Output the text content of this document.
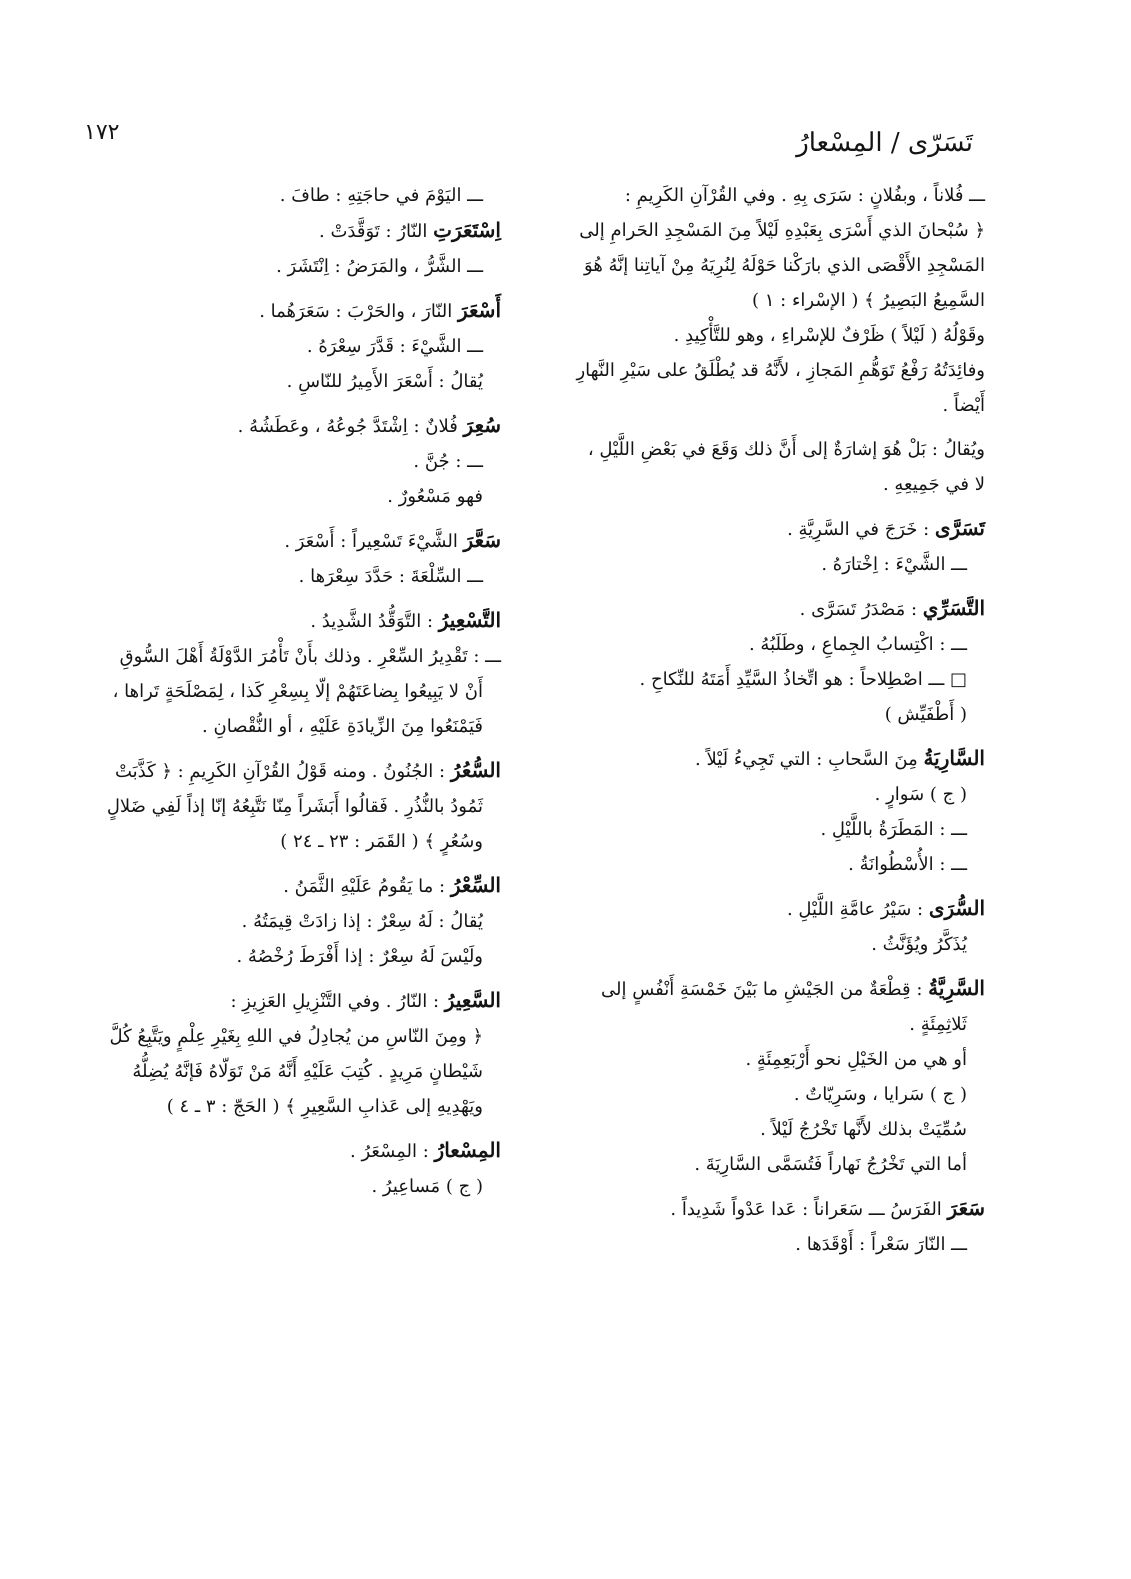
١٧٢	تَسَرّى / المِسْعارُ
ـــ فُلاناً ، وبفُلانٍ : سَرَى بِهِ . وفي القُرْآنِ الكَرِيمِ :
﴿ سُبْحانَ الذي أَسْرَى بِعَبْدِهِ لَيْلاً مِنَ المَسْجِدِ الحَرامِ إلى
المَسْجِدِ الأَقْصَى الذي بارَكْنا حَوْلَهُ لِنُرِيَهُ مِنْ آياتِنا إنَّهُ هُوَ
السَّمِيعُ البَصِيرُ ﴾ ( الإسْراء : ١ )
وقَوْلُهُ ( لَيْلاً ) ظَرْفٌ للإسْراءِ ، وهو للتَّأْكِيدِ .
وفائِدَتُهُ رَفْعُ تَوَهُّمِ المَجازِ ، لأَنَّهُ قد يُطْلَقُ على سَيْرِ النَّهارِ
أَيْضاً .
ويُقالُ : بَلْ هُوَ إشارَةٌ إلى أَنَّ ذلك وَقَعَ في بَعْضِ اللَّيْلِ ،
لا في جَمِيعِهِ .
تَسَرَّى : خَرَجَ في السَّرِيَّةِ .
ـــ الشَّيْءَ : اِخْتارَهُ .
التَّسَرِّي : مَصْدَرُ تَسَرَّى .
ـــ : اكْتِسابُ الجِماعِ ، وطَلَبُهُ .
□ ـــ اصْطِلاحاً : هو اتِّخاذُ السَّيِّدِ أَمَتَهُ للنِّكاحِ .
( أَطْفَيِّش )
السَّارِيَةُ مِنَ السَّحابِ : التي تَجِيءُ لَيْلاً .
( ج ) سَوارٍ .
ـــ : المَطَرَةُ باللَّيْلِ .
ـــ : الأُسْطُوانَةُ .
السُّرَى : سَيْرُ عامَّةِ اللَّيْلِ .
يُذَكَّرُ ويُؤَنَّثُ .
السَّرِيَّةُ : قِطْعَةٌ من الجَيْشِ ما بَيْنَ خَمْسَةِ أَنْفُسٍ إلى
ثَلاثِمِئَةٍ .
أو هي من الخَيْلِ نحو أَرْبَعِمِئَةٍ .
( ج ) سَرايا ، وسَرِيّاتٌ .
سُمِّيَتْ بذلك لأَنَّها تَخْرُجُ لَيْلاً .
أما التي تَخْرُجُ نَهاراً فَتُسَمَّى السَّارِيَةَ .
سَعَرَ الفَرَسُ ـــ سَعَراناً : عَدا عَدْواً شَدِيداً .
ـــ النّارَ سَعْراً : أَوْقَدَها .
ـــ اليَوْمَ في حاجَتِهِ : طافَ .
اِسْتَعَرَتِ النّارُ : تَوَقَّدَتْ .
ـــ الشَّرُّ ، والمَرَضُ : اِنْتَشَرَ .
أَسْعَرَ النّارَ ، والحَرْبَ : سَعَرَهُما .
ـــ الشَّيْءَ : قَدَّرَ سِعْرَهُ .
يُقالُ : أَسْعَرَ الأَمِيرُ للنّاسِ .
سُعِرَ فُلانٌ : اِشْتَدَّ جُوعُهُ ، وعَطَشُهُ .
ـــ : جُنَّ .
فهو مَسْعُورٌ .
سَعَّرَ الشَّيْءَ تَسْعِيراً : أَسْعَرَ .
ـــ السِّلْعَةَ : حَدَّدَ سِعْرَها .
التَّسْعِيرُ : التَّوَقُّدُ الشَّدِيدُ .
ـــ : تَقْدِيرُ السِّعْرِ . وذلك بأَنْ تَأْمُرَ الدَّوْلَةُ أَهْلَ السُّوقِ
أَنْ لا يَبِيعُوا بِضاعَتَهُمْ إلّا بِسِعْرِ كَذا ، لِمَصْلَحَةٍ تَراها ،
فَيَمْنَعُوا مِنَ الزِّيادَةِ عَلَيْهِ ، أو النُّقْصانِ .
السُّعُرُ : الجُنُونُ . ومنه قَوْلُ القُرْآنِ الكَرِيمِ : ﴿ كَذَّبَتْ
ثَمُودُ بالنُّذُرِ . فَقالُوا أَبَشَراً مِنّا نَتَّبِعُهُ إنّا إذاً لَفِي ضَلالٍ
وسُعُرٍ ﴾ ( القَمَر : ٢٣ ـ ٢٤ )
السِّعْرُ : ما يَقُومُ عَلَيْهِ الثَّمَنُ .
يُقالُ : لَهُ سِعْرٌ : إذا زادَتْ قِيمَتُهُ .
ولَيْسَ لَهُ سِعْرٌ : إذا أَفْرَطَ رُخْصُهُ .
السَّعِيرُ : النّارُ . وفي التَّنْزِيلِ العَزِيزِ :
﴿ ومِنَ النّاسِ من يُجادِلُ في اللهِ بِغَيْرِ عِلْمٍ ويَتَّبِعُ كُلَّ
شَيْطانٍ مَرِيدٍ . كُتِبَ عَلَيْهِ أَنَّهُ مَنْ تَوَلّاهُ فَإنَّهُ يُضِلُّهُ
ويَهْدِيهِ إلى عَذابِ السَّعِيرِ ﴾ ( الحَجّ : ٣ ـ ٤ )
المِسْعارُ : المِسْعَرُ .
( ج ) مَساعِيرُ .
